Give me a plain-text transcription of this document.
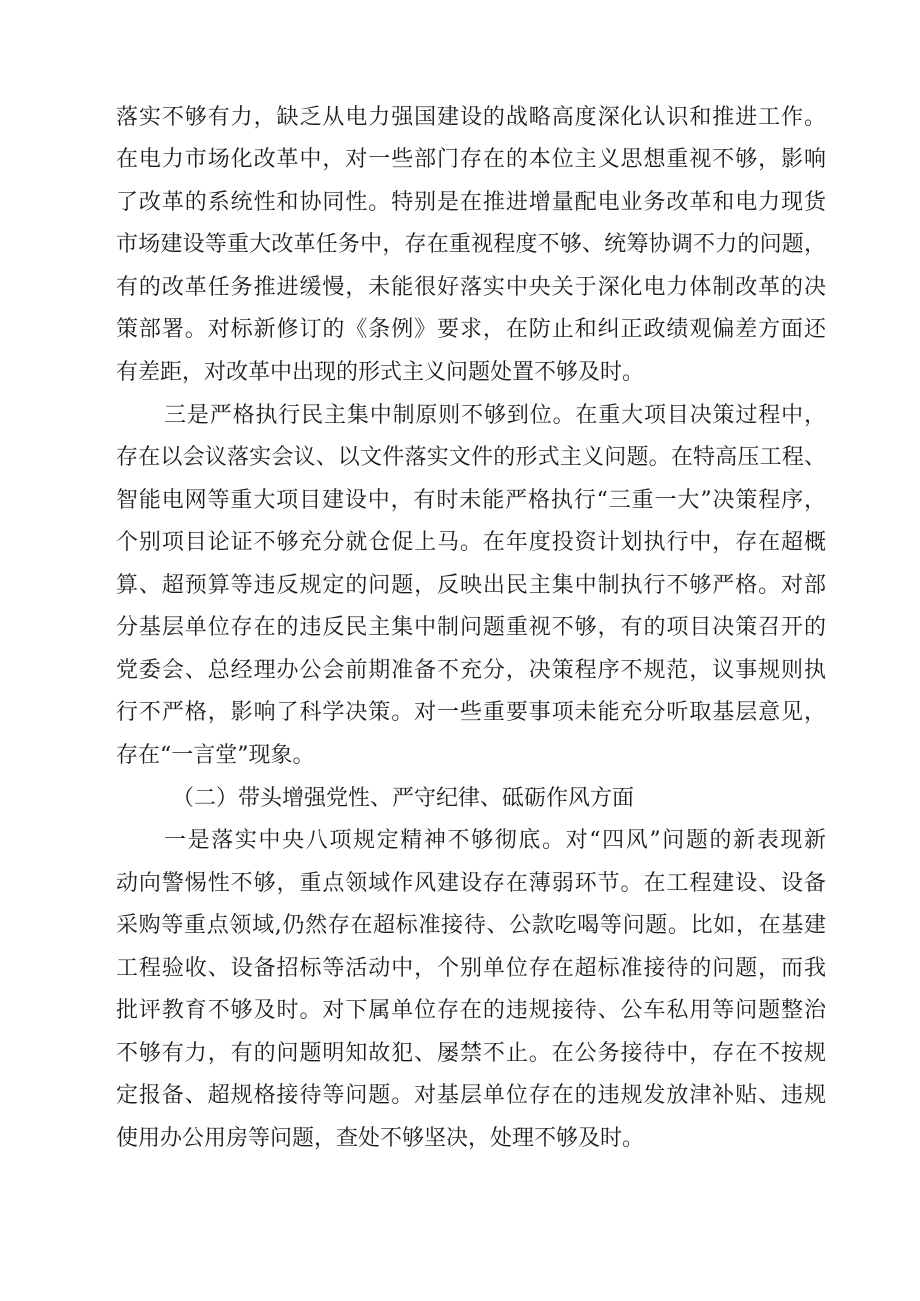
落实不够有力，缺乏从电力强国建设的战略高度深化认识和推进工作。
在电力市场化改革中，对一些部门存在的本位主义思想重视不够，影响
了改革的系统性和协同性。特别是在推进增量配电业务改革和电力现货
市场建设等重大改革任务中，存在重视程度不够、统筹协调不力的问题，
有的改革任务推进缓慢，未能很好落实中央关于深化电力体制改革的决
策部署。对标新修订的《条例》要求，在防止和纠正政绩观偏差方面还
有差距，对改革中出现的形式主义问题处置不够及时。
三是严格执行民主集中制原则不够到位。在重大项目决策过程中，
存在以会议落实会议、以文件落实文件的形式主义问题。在特高压工程、
智能电网等重大项目建设中，有时未能严格执行“三重一大”决策程序，
个别项目论证不够充分就仓促上马。在年度投资计划执行中，存在超概
算、超预算等违反规定的问题，反映出民主集中制执行不够严格。对部
分基层单位存在的违反民主集中制问题重视不够，有的项目决策召开的
党委会、总经理办公会前期准备不充分，决策程序不规范，议事规则执
行不严格，影响了科学决策。对一些重要事项未能充分听取基层意见，
存在“一言堂”现象。
（二）带头增强党性、严守纪律、砥砺作风方面
一是落实中央八项规定精神不够彻底。对“四风”问题的新表现新
动向警惕性不够，重点领域作风建设存在薄弱环节。在工程建设、设备
采购等重点领域,仍然存在超标准接待、公款吃喝等问题。比如，在基建
工程验收、设备招标等活动中，个别单位存在超标准接待的问题，而我
批评教育不够及时。对下属单位存在的违规接待、公车私用等问题整治
不够有力，有的问题明知故犯、屡禁不止。在公务接待中，存在不按规
定报备、超规格接待等问题。对基层单位存在的违规发放津补贴、违规
使用办公用房等问题，查处不够坚决，处理不够及时。
